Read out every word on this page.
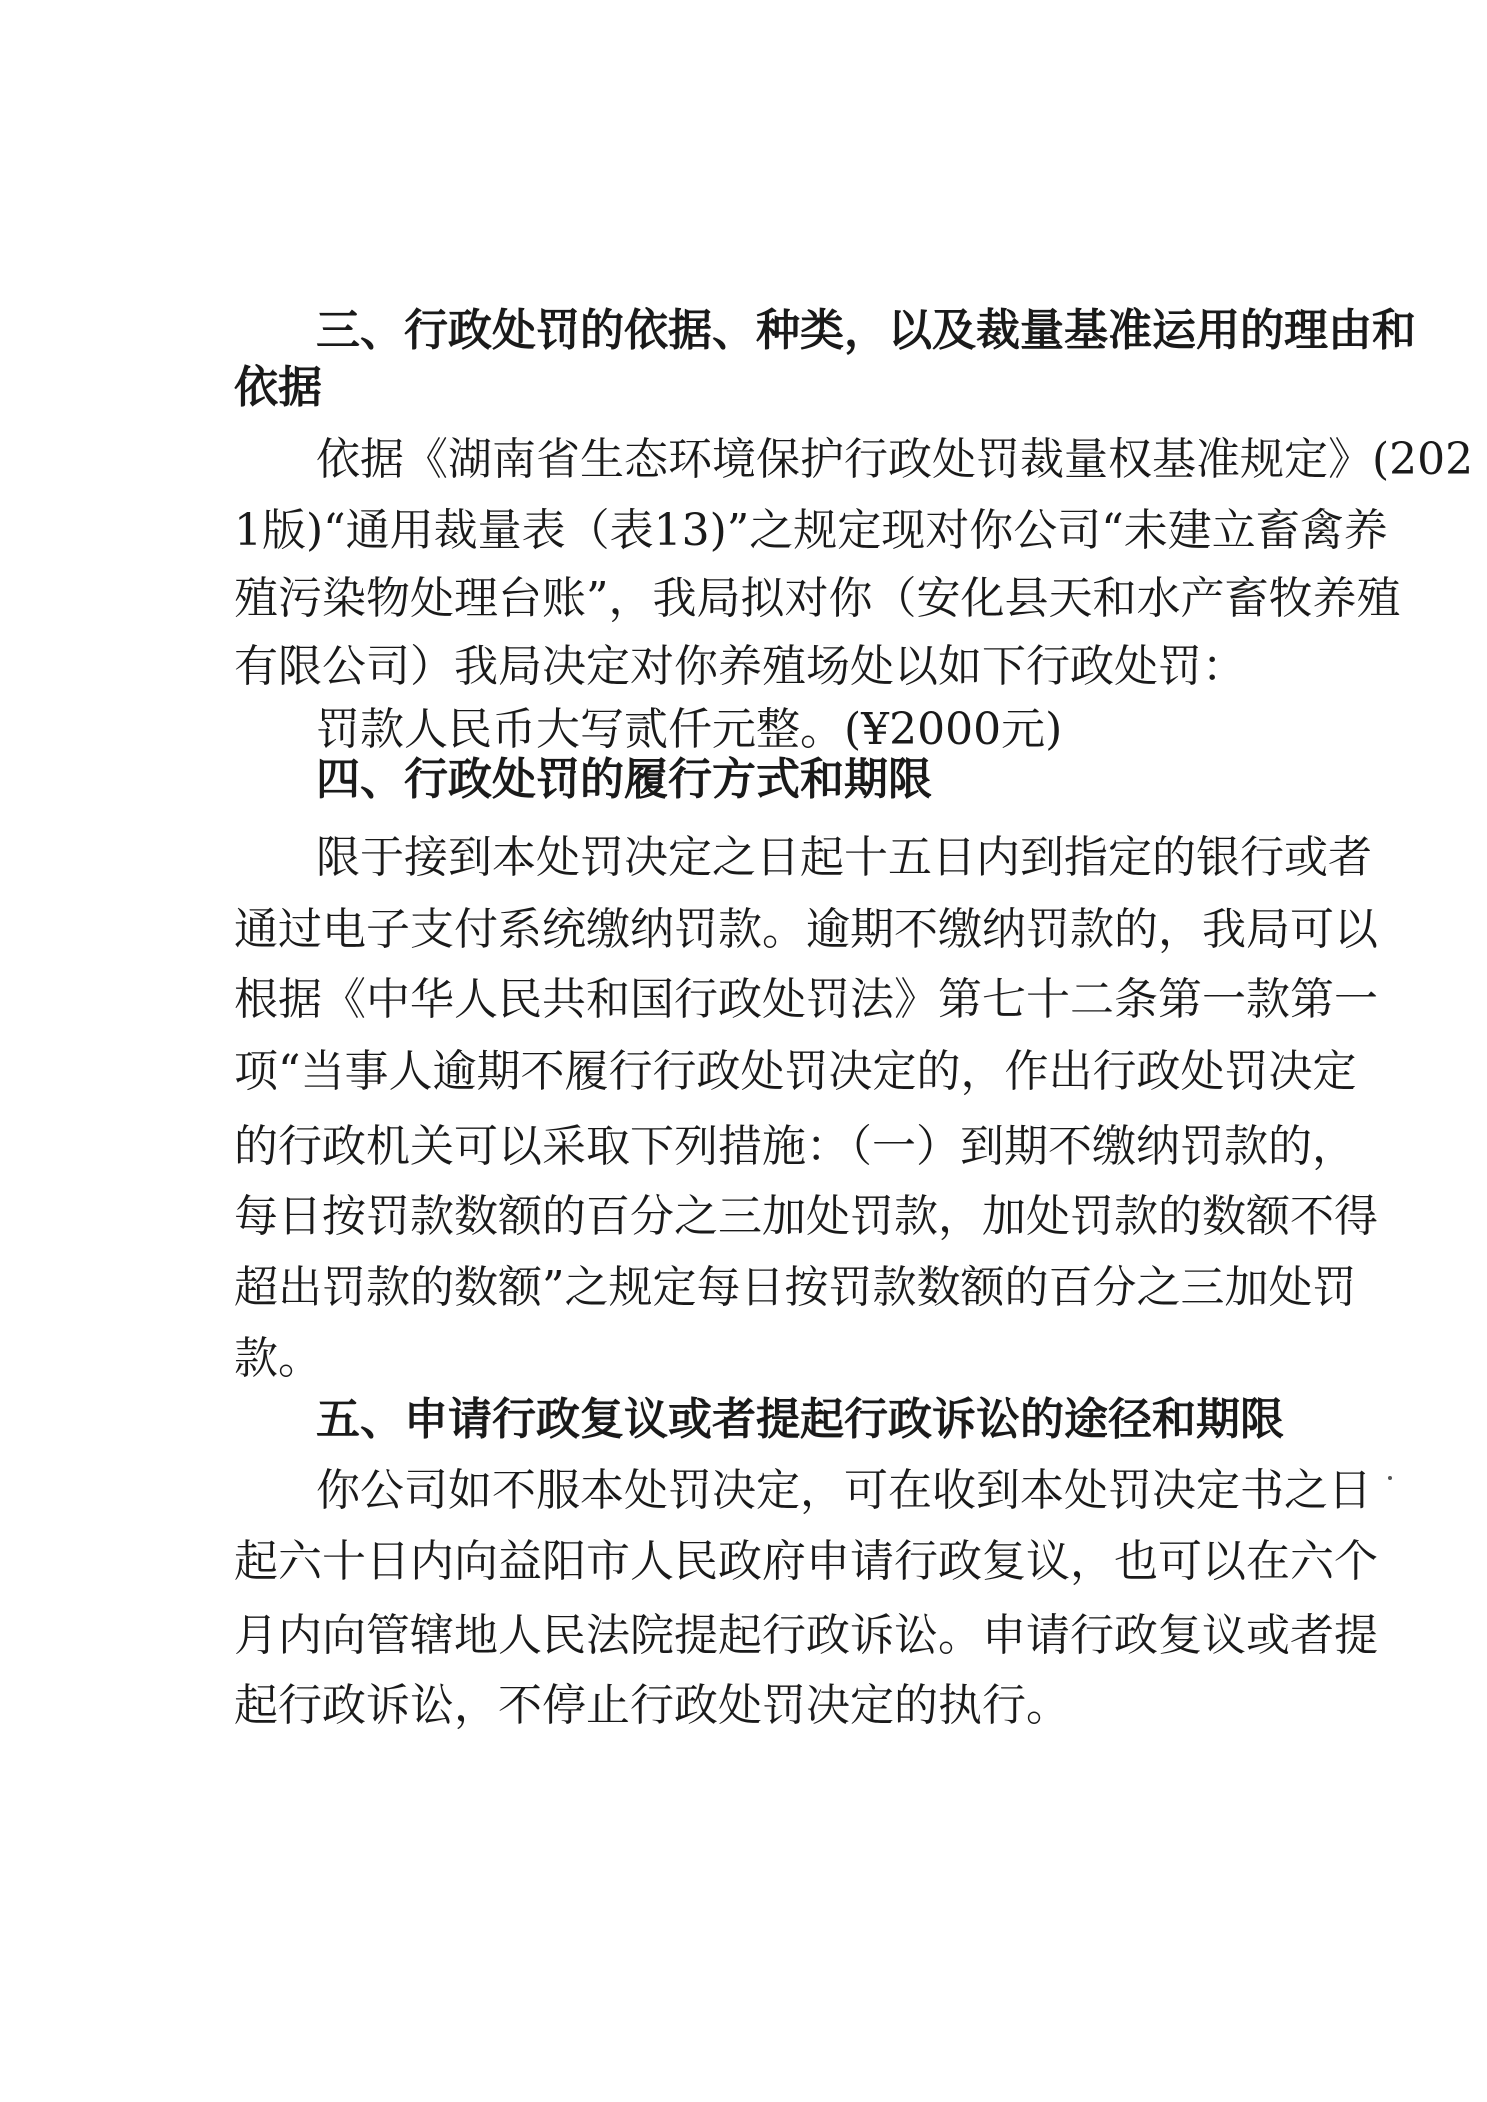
三、行政处罚的依据、种类，以及裁量基准运用的理由和
依据
依据《湖南省生态环境保护行政处罚裁量权基准规定》(202
1版)“通用裁量表（表13)”之规定现对你公司“未建立畜禽养
殖污染物处理台账”，我局拟对你（安化县天和水产畜牧养殖
有限公司）我局决定对你养殖场处以如下行政处罚：
罚款人民币大写贰仟元整。(¥2000元)
四、行政处罚的履行方式和期限
限于接到本处罚决定之日起十五日内到指定的银行或者
通过电子支付系统缴纳罚款。逾期不缴纳罚款的，我局可以
根据《中华人民共和国行政处罚法》第七十二条第一款第一
项“当事人逾期不履行行政处罚决定的，作出行政处罚决定
的行政机关可以采取下列措施：（一）到期不缴纳罚款的，
每日按罚款数额的百分之三加处罚款，加处罚款的数额不得
超出罚款的数额”之规定每日按罚款数额的百分之三加处罚
款。
五、申请行政复议或者提起行政诉讼的途径和期限
你公司如不服本处罚决定，可在收到本处罚决定书之日
起六十日内向益阳市人民政府申请行政复议，也可以在六个
月内向管辖地人民法院提起行政诉讼。申请行政复议或者提
起行政诉讼，不停止行政处罚决定的执行。
